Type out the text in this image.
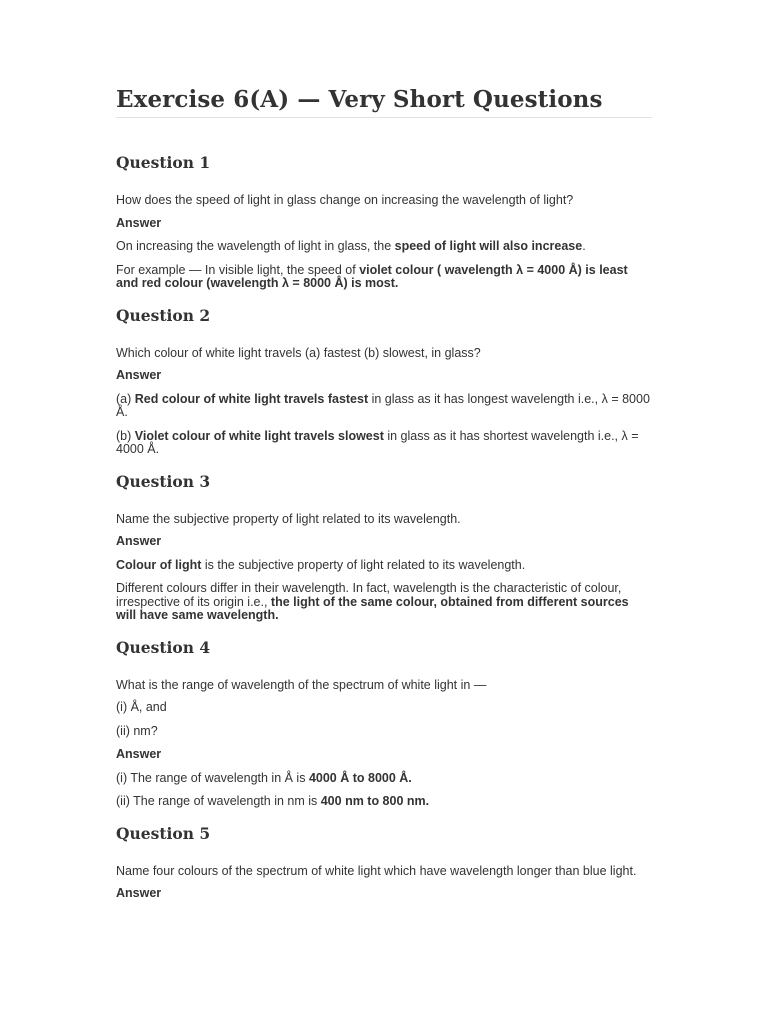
Exercise 6(A) — Very Short Questions
Question 1

How does the speed of light in glass change on increasing the wavelength of light?

Answer

On increasing the wavelength of light in glass, the speed of light will also increase.

For example — In visible light, the speed of violet colour ( wavelength λ = 4000 Å) is least and red colour (wavelength λ = 8000 Å) is most.

Question 2

Which colour of white light travels (a) fastest (b) slowest, in glass?

Answer

(a) Red colour of white light travels fastest in glass as it has longest wavelength i.e., λ = 8000 Å.

(b) Violet colour of white light travels slowest in glass as it has shortest wavelength i.e., λ = 4000 Å.

Question 3

Name the subjective property of light related to its wavelength.

Answer

Colour of light is the subjective property of light related to its wavelength.

Different colours differ in their wavelength. In fact, wavelength is the characteristic of colour, irrespective of its origin i.e., the light of the same colour, obtained from different sources will have same wavelength.

Question 4

What is the range of wavelength of the spectrum of white light in —

(i) Å, and

(ii) nm?

Answer

(i) The range of wavelength in Å is 4000 Å to 8000 Å.

(ii) The range of wavelength in nm is 400 nm to 800 nm.

Question 5

Name four colours of the spectrum of white light which have wavelength longer than blue light.

Answer
